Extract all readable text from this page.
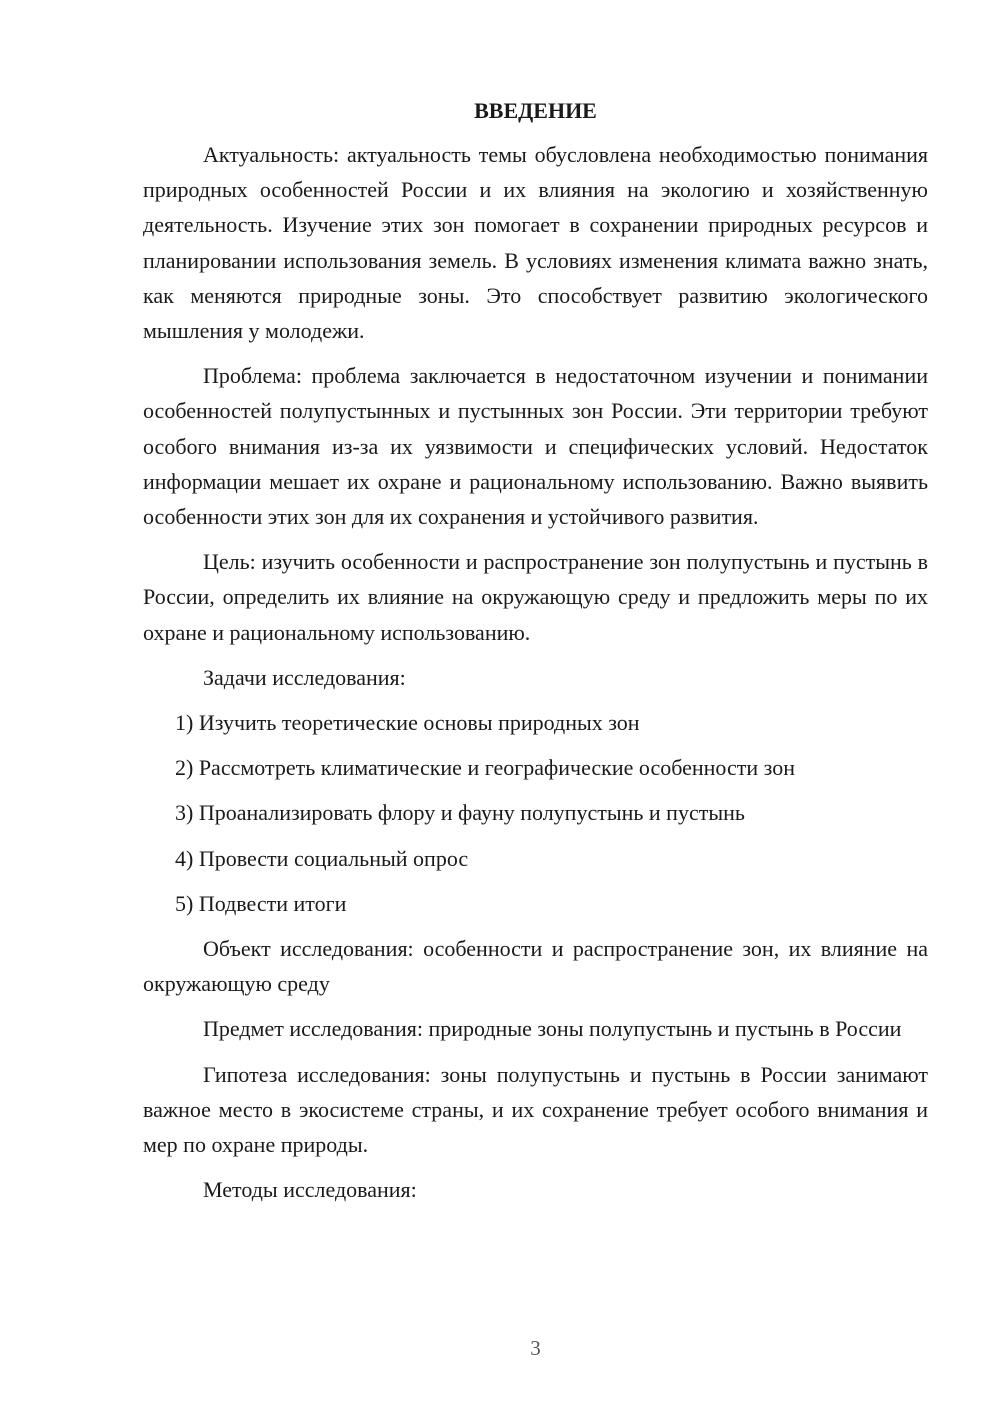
ВВЕДЕНИЕ

Актуальность: актуальность темы обусловлена необходимостью понимания природных особенностей России и их влияния на экологию и хозяйственную деятельность. Изучение этих зон помогает в сохранении природных ресурсов и планировании использования земель. В условиях изменения климата важно знать, как меняются природные зоны. Это способствует развитию экологического мышления у молодежи.

Проблема: проблема заключается в недостаточном изучении и понимании особенностей полупустынных и пустынных зон России. Эти территории требуют особого внимания из-за их уязвимости и специфических условий. Недостаток информации мешает их охране и рациональному использованию. Важно выявить особенности этих зон для их сохранения и устойчивого развития.

Цель: изучить особенности и распространение зон полупустынь и пустынь в России, определить их влияние на окружающую среду и предложить меры по их охране и рациональному использованию.

Задачи исследования:

1) Изучить теоретические основы природных зон
2) Рассмотреть климатические и географические особенности зон
3) Проанализировать флору и фауну полупустынь и пустынь
4) Провести социальный опрос
5) Подвести итоги

Объект исследования: особенности и распространение зон, их влияние на окружающую среду

Предмет исследования: природные зоны полупустынь и пустынь в России

Гипотеза исследования: зоны полупустынь и пустынь в России занимают важное место в экосистеме страны, и их сохранение требует особого внимания и мер по охране природы.

Методы исследования:

3
